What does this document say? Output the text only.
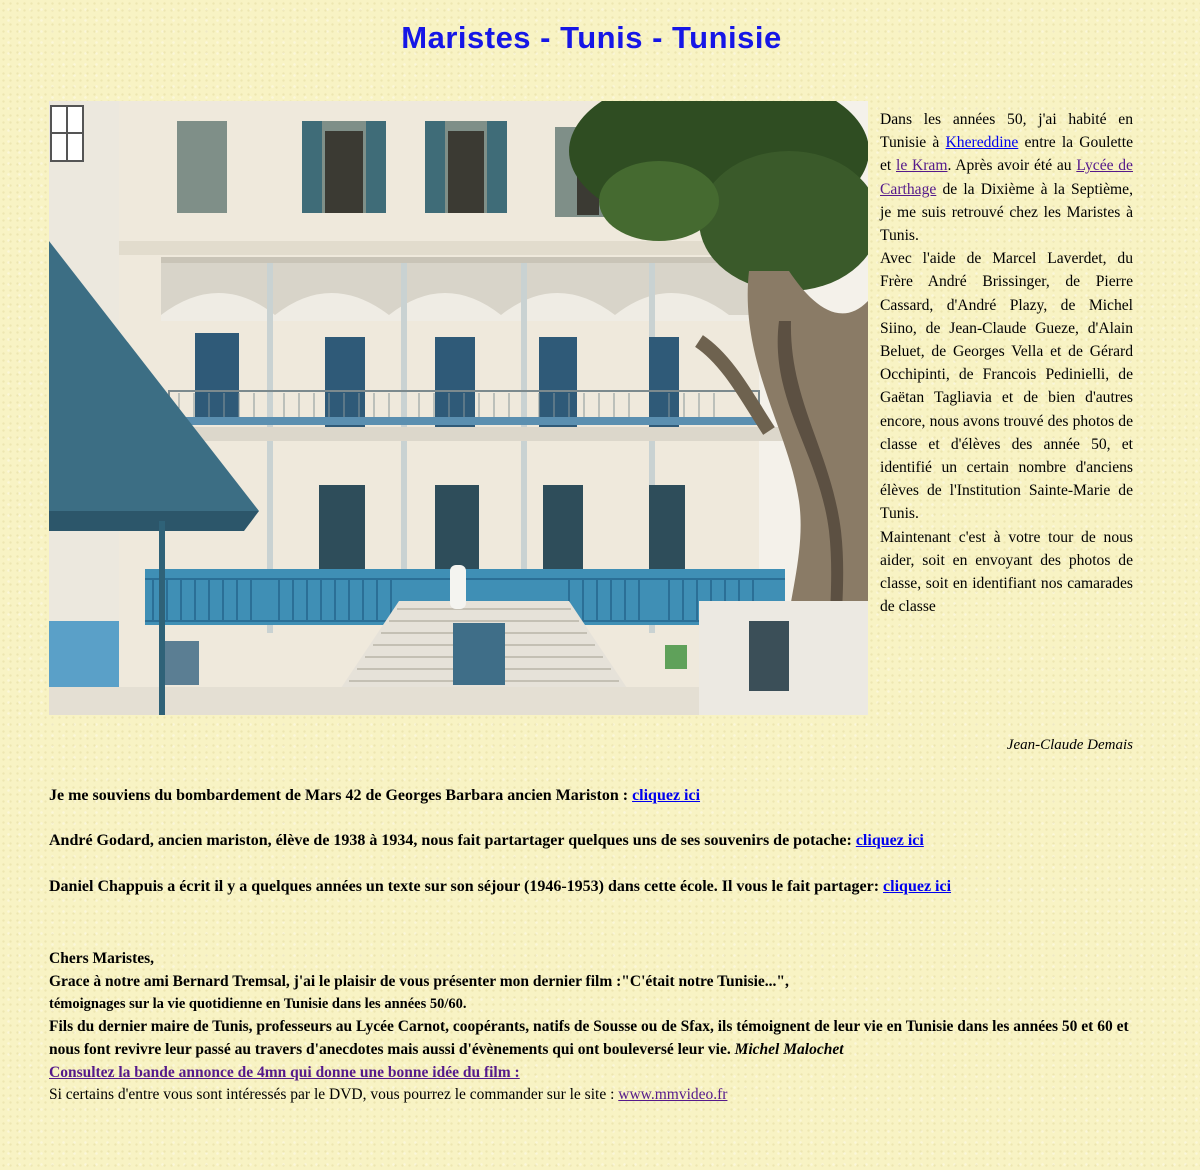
Maristes - Tunis - Tunisie
Dans les années 50, j'ai habité en Tunisie à Khereddine entre la Goulette et le Kram. Après avoir été au Lycée de Carthage de la Dixième à la Septième, je me suis retrouvé chez les Maristes à Tunis.
Avec l'aide de Marcel Laverdet, du Frère André Brissinger, de Pierre Cassard, d'André Plazy, de Michel Siino, de Jean-Claude Gueze, d'Alain Beluet, de Georges Vella et de Gérard Occhipinti, de Francois Pedinielli, de Gaëtan Tagliavia et de bien d'autres encore, nous avons trouvé des photos de classe et d'élèves des année 50, et identifié un certain nombre d'anciens élèves de l'Institution Sainte-Marie de Tunis.
Maintenant c'est à votre tour de nous aider, soit en envoyant des photos de classe, soit en identifiant nos camarades de classe

Jean-Claude Demais

Je me souviens du bombardement de Mars 42 de Georges Barbara ancien Mariston : cliquez ici

André Godard, ancien mariston, élève de 1938 à 1934, nous fait partartager quelques uns de ses souvenirs de potache: cliquez ici

Daniel Chappuis a écrit il y a quelques années un texte sur son séjour (1946-1953) dans cette école. Il vous le fait partager: cliquez ici

Chers Maristes,
Grace à notre ami Bernard Tremsal, j'ai le plaisir de vous présenter mon dernier film :"C'était notre Tunisie...",
témoignages sur la vie quotidienne en Tunisie dans les années 50/60.
Fils du dernier maire de Tunis, professeurs au Lycée Carnot, coopérants, natifs de Sousse ou de Sfax, ils témoignent de leur vie en Tunisie dans les années 50 et 60 et nous font revivre leur passé au travers d'anecdotes mais aussi d'évènements qui ont bouleversé leur vie. Michel Malochet
Consultez la bande annonce de 4mn qui donne une bonne idée du film :
Si certains d'entre vous sont intéressés par le DVD, vous pourrez le commander sur le site : www.mmvideo.fr
